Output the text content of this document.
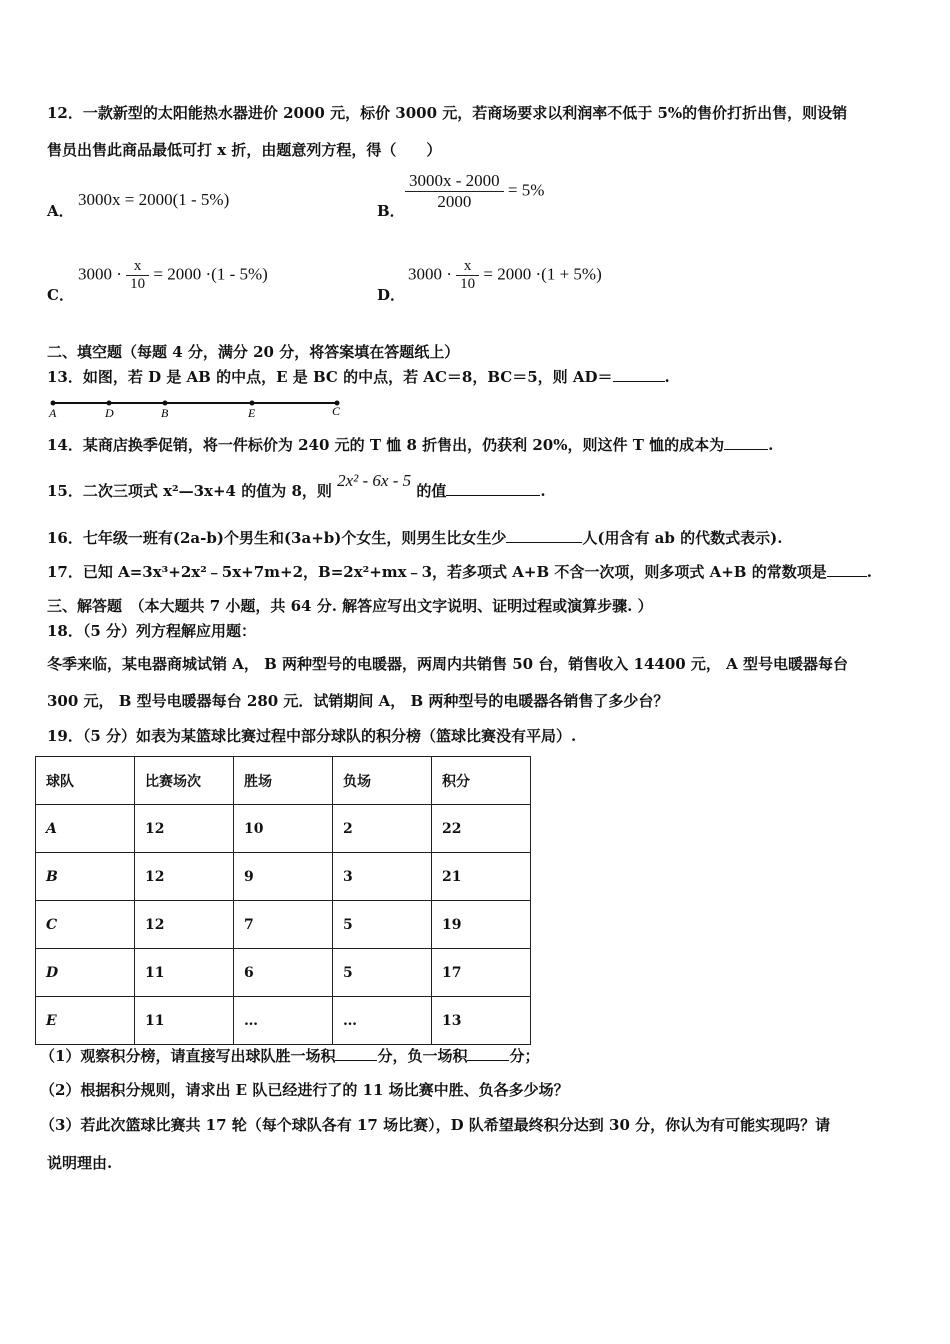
12．一款新型的太阳能热水器进价 2000 元，标价 3000 元，若商场要求以利润率不低于 5%的售价打折出售，则设销
售员出售此商品最低可打 x 折，由题意列方程，得（　　）
A．
3000x = 2000(1 - 5%)
B． $\frac{3000x - 2000}{2000} = 5\%$
C．
$3000 \cdot \frac{x}{10} = 2000 \cdot(1 - 5\%)$
D．
$3000 \cdot \frac{x}{10} = 2000 \cdot(1 + 5\%)$
二、填空题（每题 4 分，满分 20 分，将答案填在答题纸上）
13．如图，若 D 是 AB 的中点，E 是 BC 的中点，若 AC＝8，BC＝5，则 AD＝	.
A	D	B	E	C
14．某商店换季促销，将一件标价为 240 元的 T 恤 8 折售出，仍获利 20%，则这件 T 恤的成本为	.
15．二次三项式 x²—3x+4 的值为 8，则 2x² - 6x - 5 的值	.
16．七年级一班有(2a-b)个男生和(3a+b)个女生，则男生比女生少	人(用含有 ab 的代数式表示).
17．已知 A=3x³+2x²﹣5x+7m+2，B=2x²+mx﹣3，若多项式 A+B 不含一次项，则多项式 A+B 的常数项是	.
三、解答题　（本大题共 7 小题，共 64 分. 解答应写出文字说明、证明过程或演算步骤. ）
18．（5 分）列方程解应用题：
冬季来临，某电器商城试销 A， B 两种型号的电暖器，两周内共销售 50 台，销售收入 14400 元， A 型号电暖器每台
300 元， B 型号电暖器每台 280 元．试销期间 A， B 两种型号的电暖器各销售了多少台？
19．（5 分）如表为某篮球比赛过程中部分球队的积分榜（篮球比赛没有平局）.
球队	比赛场次	胜场	负场	积分
A	12	10	2	22
B	12	9	3	21
C	12	7	5	19
D	11	6	5	17
E	11	…	…	13
（1）观察积分榜，请直接写出球队胜一场积	分，负一场积	分；
（2）根据积分规则，请求出 E 队已经进行了的 11 场比赛中胜、负各多少场？
（3）若此次篮球比赛共 17 轮（每个球队各有 17 场比赛），D 队希望最终积分达到 30 分，你认为有可能实现吗？请
说明理由.
